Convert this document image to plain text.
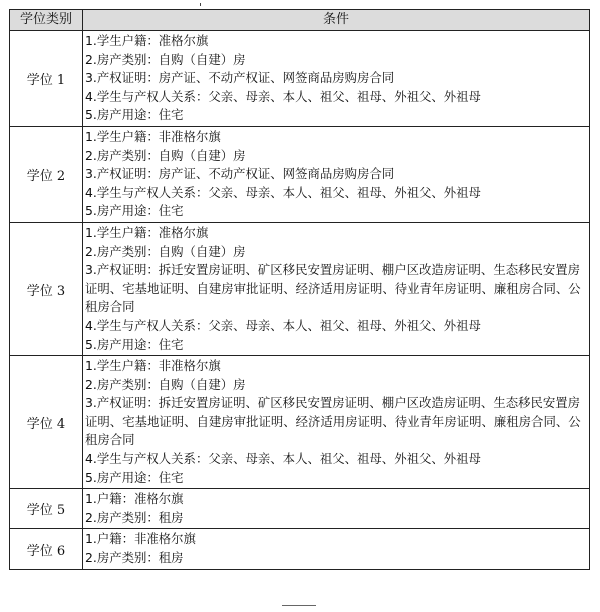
学位类别	条件
学位 1	1.学生户籍：准格尔旗
2.房产类别：自购（自建）房
3.产权证明：房产证、不动产权证、网签商品房购房合同
4.学生与产权人关系：父亲、母亲、本人、祖父、祖母、外祖父、外祖母
5.房产用途：住宅

学位 2	1.学生户籍：非准格尔旗
2.房产类别：自购（自建）房
3.产权证明：房产证、不动产权证、网签商品房购房合同
4.学生与产权人关系：父亲、母亲、本人、祖父、祖母、外祖父、外祖母
5.房产用途：住宅

学位 3	1.学生户籍：准格尔旗
2.房产类别：自购（自建）房
3.产权证明：拆迁安置房证明、矿区移民安置房证明、棚户区改造房证明、生态移民安置房证明、宅基地证明、自建房审批证明、经济适用房证明、待业青年房证明、廉租房合同、公租房合同
4.学生与产权人关系：父亲、母亲、本人、祖父、祖母、外祖父、外祖母
5.房产用途：住宅

学位 4	1.学生户籍：非准格尔旗
2.房产类别：自购（自建）房
3.产权证明：拆迁安置房证明、矿区移民安置房证明、棚户区改造房证明、生态移民安置房证明、宅基地证明、自建房审批证明、经济适用房证明、待业青年房证明、廉租房合同、公租房合同
4.学生与产权人关系：父亲、母亲、本人、祖父、祖母、外祖父、外祖母
5.房产用途：住宅

学位 5	1.户籍：准格尔旗
2.房产类别：租房

学位 6	1.户籍：非准格尔旗
2.房产类别：租房
